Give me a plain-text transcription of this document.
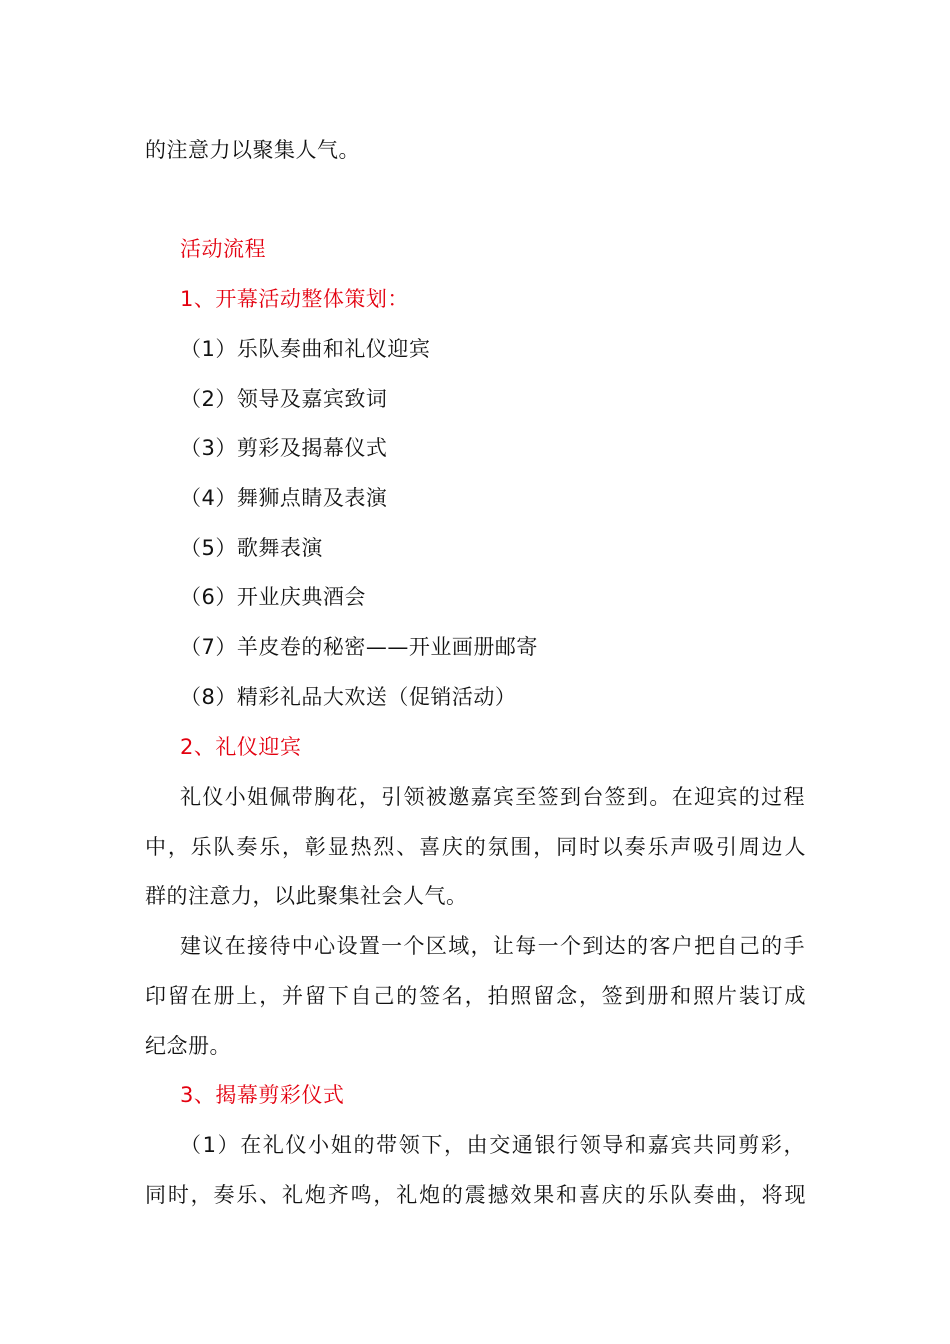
的注意力以聚集人气。
活动流程
1、开幕活动整体策划：
（1）乐队奏曲和礼仪迎宾
（2）领导及嘉宾致词
（3）剪彩及揭幕仪式
（4）舞狮点睛及表演
（5）歌舞表演
（6）开业庆典酒会
（7）羊皮卷的秘密——开业画册邮寄
（8）精彩礼品大欢送（促销活动）
2、礼仪迎宾
礼仪小姐佩带胸花，引领被邀嘉宾至签到台签到。在迎宾的过程
中，乐队奏乐，彰显热烈、喜庆的氛围，同时以奏乐声吸引周边人
群的注意力，以此聚集社会人气。
建议在接待中心设置一个区域，让每一个到达的客户把自己的手
印留在册上，并留下自己的签名，拍照留念，签到册和照片装订成
纪念册。
3、揭幕剪彩仪式
（1）在礼仪小姐的带领下，由交通银行领导和嘉宾共同剪彩，
同时，奏乐、礼炮齐鸣，礼炮的震撼效果和喜庆的乐队奏曲，将现
